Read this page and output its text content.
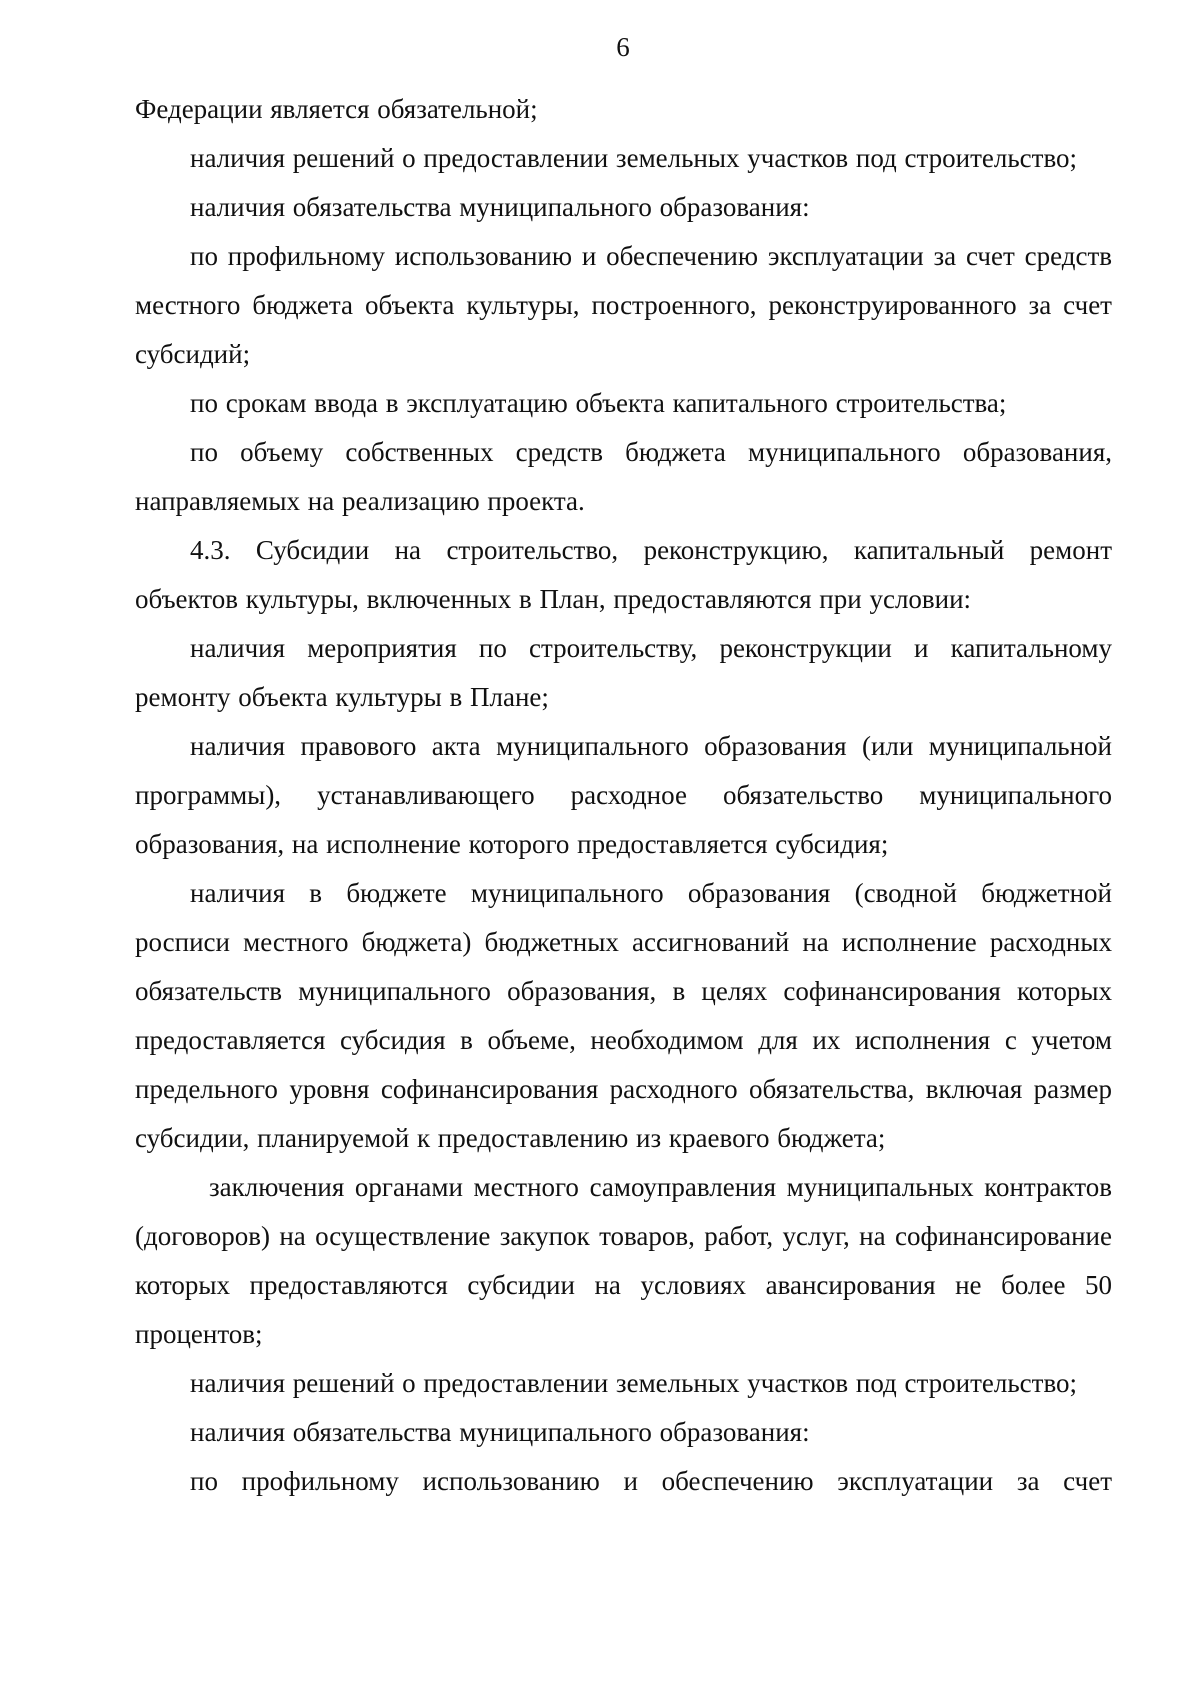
6

Федерации является обязательной;

наличия решений о предоставлении земельных участков под строительство;

наличия обязательства муниципального образования:

по профильному использованию и обеспечению эксплуатации за счет средств местного бюджета объекта культуры, построенного, реконструированного за счет субсидий;

по срокам ввода в эксплуатацию объекта капитального строительства;

по объему собственных средств бюджета муниципального образования, направляемых на реализацию проекта.

4.3. Субсидии на строительство, реконструкцию, капитальный ремонт объектов культуры, включенных в План, предоставляются при условии:

наличия мероприятия по строительству, реконструкции и капитальному ремонту объекта культуры в Плане;

наличия правового акта муниципального образования (или муниципальной программы), устанавливающего расходное обязательство муниципального образования, на исполнение которого предоставляется субсидия;

наличия в бюджете муниципального образования (сводной бюджетной росписи местного бюджета) бюджетных ассигнований на исполнение расходных обязательств муниципального образования, в целях софинансирования которых предоставляется субсидия в объеме, необходимом для их исполнения с учетом предельного уровня софинансирования расходного обязательства, включая размер субсидии, планируемой к предоставлению из краевого бюджета;

заключения органами местного самоуправления муниципальных контрактов (договоров) на осуществление закупок товаров, работ, услуг, на софинансирование которых предоставляются субсидии на условиях авансирования не более 50 процентов;

наличия решений о предоставлении земельных участков под строительство;

наличия обязательства муниципального образования:

по профильному использованию и обеспечению эксплуатации за счет
